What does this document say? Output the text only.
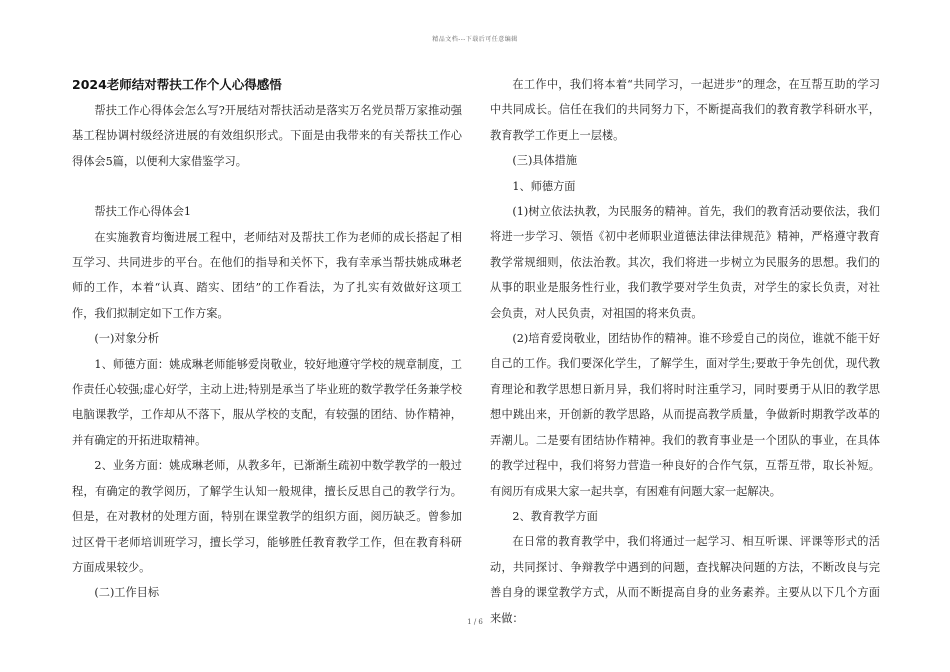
精品文档---下载后可任意编辑
2024老师结对帮扶工作个人心得感悟

帮扶工作心得体会怎么写?开展结对帮扶活动是落实万名党员帮万家推动强基工程协调村级经济进展的有效组织形式。下面是由我带来的有关帮扶工作心得体会5篇，以便利大家借鉴学习。

帮扶工作心得体会1

在实施教育均衡进展工程中，老师结对及帮扶工作为老师的成长搭起了相互学习、共同进步的平台。在他们的指导和关怀下，我有幸承当帮扶姚成琳老师的工作，本着“认真、踏实、团结”的工作看法，为了扎实有效做好这项工作，我们拟制定如下工作方案。

(一)对象分析

1、师德方面：姚成琳老师能够爱岗敬业，较好地遵守学校的规章制度，工作责任心较强;虚心好学，主动上进;特别是承当了毕业班的数学教学任务兼学校电脑课教学，工作却从不落下，服从学校的支配，有较强的团结、协作精神，并有确定的开拓进取精神。

2、业务方面：姚成琳老师，从教多年，已渐渐生疏初中数学教学的一般过程，有确定的教学阅历，了解学生认知一般规律，擅长反思自己的教学行为。但是，在对教材的处理方面，特别在课堂教学的组织方面，阅历缺乏。曾参加过区骨干老师培训班学习，擅长学习，能够胜任教育教学工作，但在教育科研方面成果较少。

(二)工作目标

在工作中，我们将本着“共同学习，一起进步”的理念，在互帮互助的学习中共同成长。信任在我们的共同努力下，不断提高我们的教育教学科研水平，教育教学工作更上一层楼。

(三)具体措施

1、师德方面

(1)树立依法执教，为民服务的精神。首先，我们的教育活动要依法，我们将进一步学习、领悟《初中老师职业道德法律法律规范》精神，严格遵守教育教学常规细则，依法治教。其次，我们将进一步树立为民服务的思想。我们的从事的职业是服务性行业，我们教学要对学生负责，对学生的家长负责，对社会负责，对人民负责，对祖国的将来负责。

(2)培育爱岗敬业，团结协作的精神。谁不珍爱自己的岗位，谁就不能干好自己的工作。我们要深化学生，了解学生，面对学生;要敢于争先创优，现代教育理论和教学思想日新月异，我们将时时注重学习，同时要勇于从旧的教学思想中跳出来，开创新的教学思路，从而提高教学质量，争做新时期教学改革的弄潮儿。二是要有团结协作精神。我们的教育事业是一个团队的事业，在具体的教学过程中，我们将努力营造一种良好的合作气氛，互帮互带，取长补短。有阅历有成果大家一起共享，有困难有问题大家一起解决。

2、教育教学方面

在日常的教育教学中，我们将通过一起学习、相互听课、评课等形式的活动，共同探讨、争辩教学中遇到的问题，查找解决问题的方法，不断改良与完善自身的课堂教学方式，从而不断提高自身的业务素养。主要从以下几个方面来做：

1 / 6
